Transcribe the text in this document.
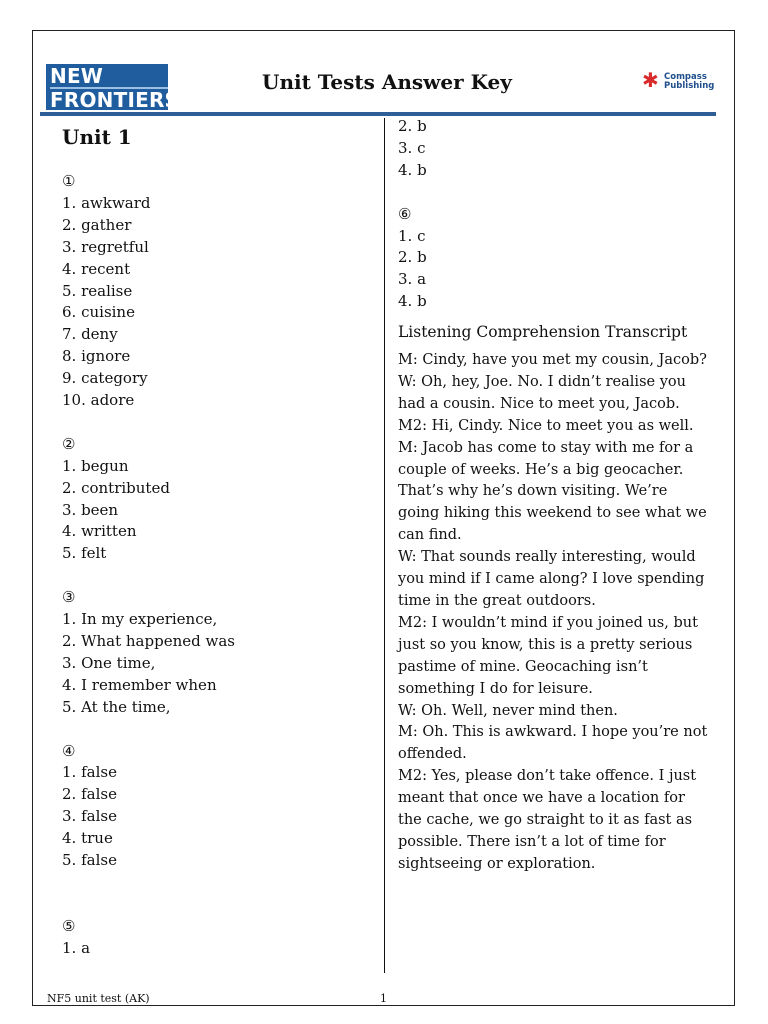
NEW
FRONTIERS
Unit Tests Answer Key	✱ Compass
Publishing
Unit 1
①
1. awkward
2. gather
3. regretful
4. recent
5. realise
6. cuisine
7. deny
8. ignore
9. category
10. adore
②
1. begun
2. contributed
3. been
4. written
5. felt
③
1. In my experience,
2. What happened was
3. One time,
4. I remember when
5. At the time,
④
1. false
2. false
3. false
4. true
5. false
⑤
1. a
2. b
3. c
4. b
⑥
1. c
2. b
3. a
4. b
Listening Comprehension Transcript
M: Cindy, have you met my cousin, Jacob?
W: Oh, hey, Joe. No. I didn’t realise you
had a cousin. Nice to meet you, Jacob.
M2: Hi, Cindy. Nice to meet you as well.
M: Jacob has come to stay with me for a
couple of weeks. He’s a big geocacher.
That’s why he’s down visiting. We’re
going hiking this weekend to see what we
can find.
W: That sounds really interesting, would
you mind if I came along? I love spending
time in the great outdoors.
M2: I wouldn’t mind if you joined us, but
just so you know, this is a pretty serious
pastime of mine. Geocaching isn’t
something I do for leisure.
W: Oh. Well, never mind then.
M: Oh. This is awkward. I hope you’re not
offended.
M2: Yes, please don’t take offence. I just
meant that once we have a location for
the cache, we go straight to it as fast as
possible. There isn’t a lot of time for
sightseeing or exploration.
NF5 unit test (AK)	1
